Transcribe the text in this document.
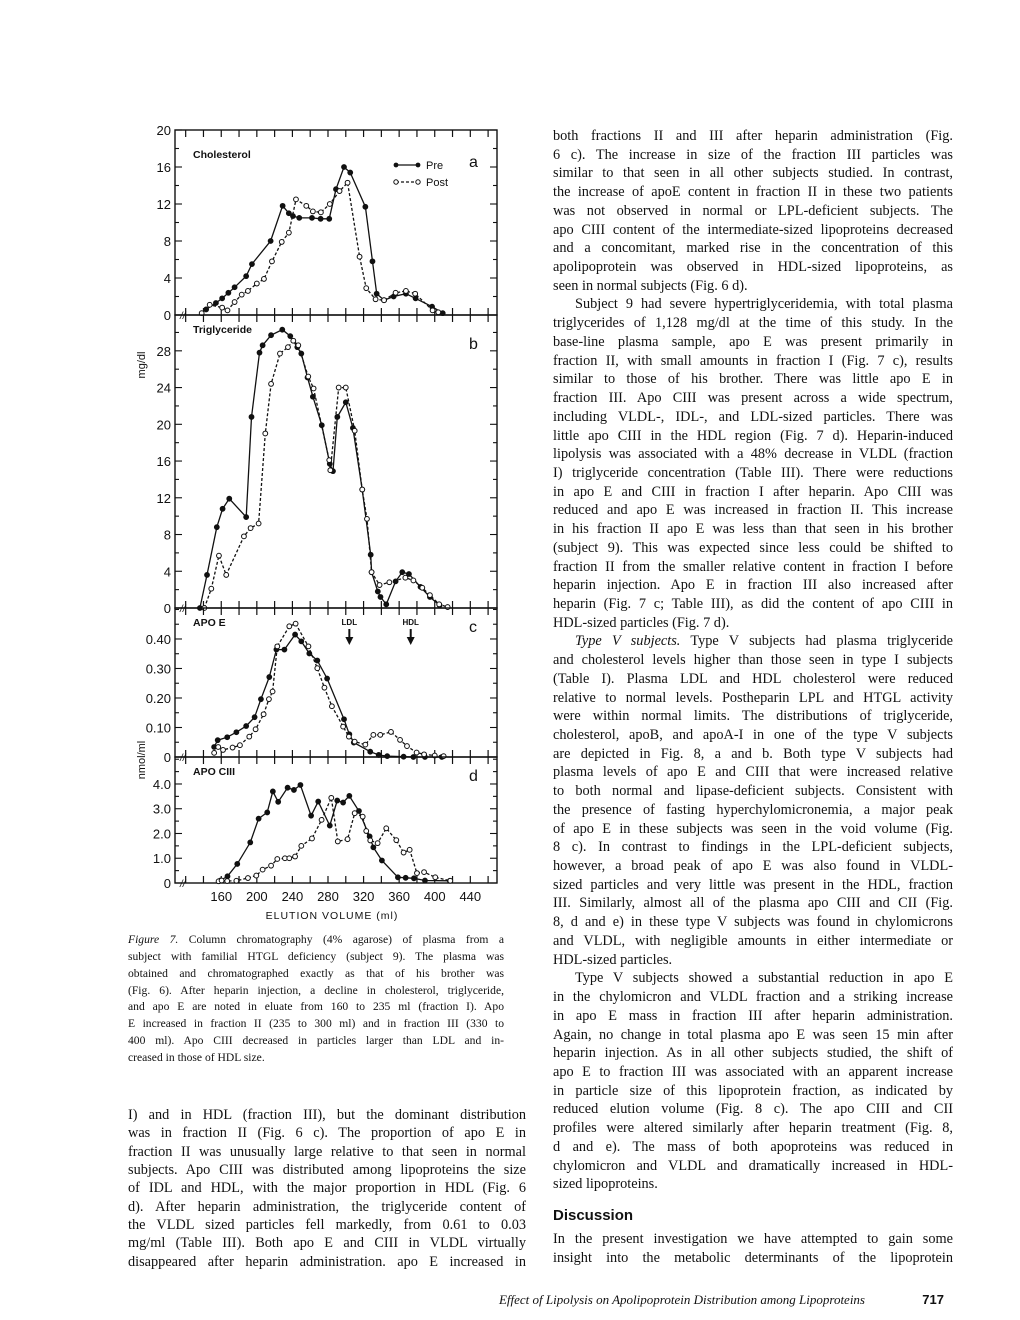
0
4
8
12
16
20
//
Cholesterol	a
0
4
8
12
16
20
24
28
//
Triglyceride
b
0
0.10
0.20
0.30
0.40
//
APO E	c
0
1.0
2.0
3.0
4.0
//
APO CIII	d
160 200 240 280 320 360 400 440
ELUTION VOLUME (ml)
mg/dl
nmol/ml
Pre
Post
LDL	HDL
Figure 7. Column chromatography (4% agarose) of plasma from a
subject with familial HTGL deficiency (subject 9). The plasma was
obtained and chromatographed exactly as that of his brother was
(Fig. 6). After heparin injection, a decline in cholesterol, triglyceride,
and apo E are noted in eluate from 160 to 235 ml (fraction I). Apo
E increased in fraction II (235 to 300 ml) and in fraction III (330 to
400 ml). Apo CIII decreased in particles larger than LDL and in-
creased in those of HDL size.
I) and in HDL (fraction III), but the dominant distribution
was in fraction II (Fig. 6 c). The proportion of apo E in
fraction II was unusually large relative to that seen in normal
subjects. Apo CIII was distributed among lipoproteins the size
of IDL and HDL, with the major proportion in HDL (Fig. 6
d). After heparin administration, the triglyceride content of
the VLDL sized particles fell markedly, from 0.61 to 0.03
mg/ml (Table III). Both apo E and CIII in VLDL virtually
disappeared after heparin administration. apo E increased in
both fractions II and III after heparin administration (Fig.
6 c). The increase in size of the fraction III particles was
similar to that seen in all other subjects studied. In contrast,
the increase of apoE content in fraction II in these two patients
was not observed in normal or LPL-deficient subjects. The
apo CIII content of the intermediate-sized lipoproteins decreased
and a concomitant, marked rise in the concentration of this
apolipoprotein was observed in HDL-sized lipoproteins, as
seen in normal subjects (Fig. 6 d).
Subject 9 had severe hypertriglyceridemia, with total plasma
triglycerides of 1,128 mg/dl at the time of this study. In the
base-line plasma sample, apo E was present primarily in
fraction II, with small amounts in fraction I (Fig. 7 c), results
similar to those of his brother. There was little apo E in
fraction III. Apo CIII was present across a wide spectrum,
including VLDL-, IDL-, and LDL-sized particles. There was
little apo CIII in the HDL region (Fig. 7 d). Heparin-induced
lipolysis was associated with a 48% decrease in VLDL (fraction
I) triglyceride concentration (Table III). There were reductions
in apo E and CIII in fraction I after heparin. Apo CIII was
reduced and apo E was increased in fraction II. This increase
in his fraction II apo E was less than that seen in his brother
(subject 9). This was expected since less could be shifted to
fraction II from the smaller relative content in fraction I before
heparin injection. Apo E in fraction III also increased after
heparin (Fig. 7 c; Table III), as did the content of apo CIII in
HDL-sized particles (Fig. 7 d).
Type V subjects. Type V subjects had plasma triglyceride
and cholesterol levels higher than those seen in type I subjects
(Table I). Plasma LDL and HDL cholesterol were reduced
relative to normal levels. Postheparin LPL and HTGL activity
were within normal limits. The distributions of triglyceride,
cholesterol, apoB, and apoA-I in one of the type V subjects
are depicted in Fig. 8, a and b. Both type V subjects had
plasma levels of apo E and CIII that were increased relative
to both normal and lipase-deficient subjects. Consistent with
the presence of fasting hyperchylomicronemia, a major peak
of apo E in these subjects was seen in the void volume (Fig.
8 c). In contrast to findings in the LPL-deficient subjects,
however, a broad peak of apo E was also found in VLDL-
sized particles and very little was present in the HDL, fraction
III. Similarly, almost all of the plasma apo CIII and CII (Fig.
8, d and e) in these type V subjects was found in chylomicrons
and VLDL, with negligible amounts in either intermediate or
HDL-sized particles.
Type V subjects showed a substantial reduction in apo E
in the chylomicron and VLDL fraction and a striking increase
in apo E mass in fraction III after heparin administration.
Again, no change in total plasma apo E was seen 15 min after
heparin injection. As in all other subjects studied, the shift of
apo E to fraction III was associated with an apparent increase
in particle size of this lipoprotein fraction, as indicated by
reduced elution volume (Fig. 8 c). The apo CIII and CII
profiles were altered similarly after heparin treatment (Fig. 8,
d and e). The mass of both apoproteins was reduced in
chylomicron and VLDL and dramatically increased in HDL-
sized lipoproteins.
Discussion
In the present investigation we have attempted to gain some
insight into the metabolic determinants of the lipoprotein
Effect of Lipolysis on Apolipoprotein Distribution among Lipoproteins	717
